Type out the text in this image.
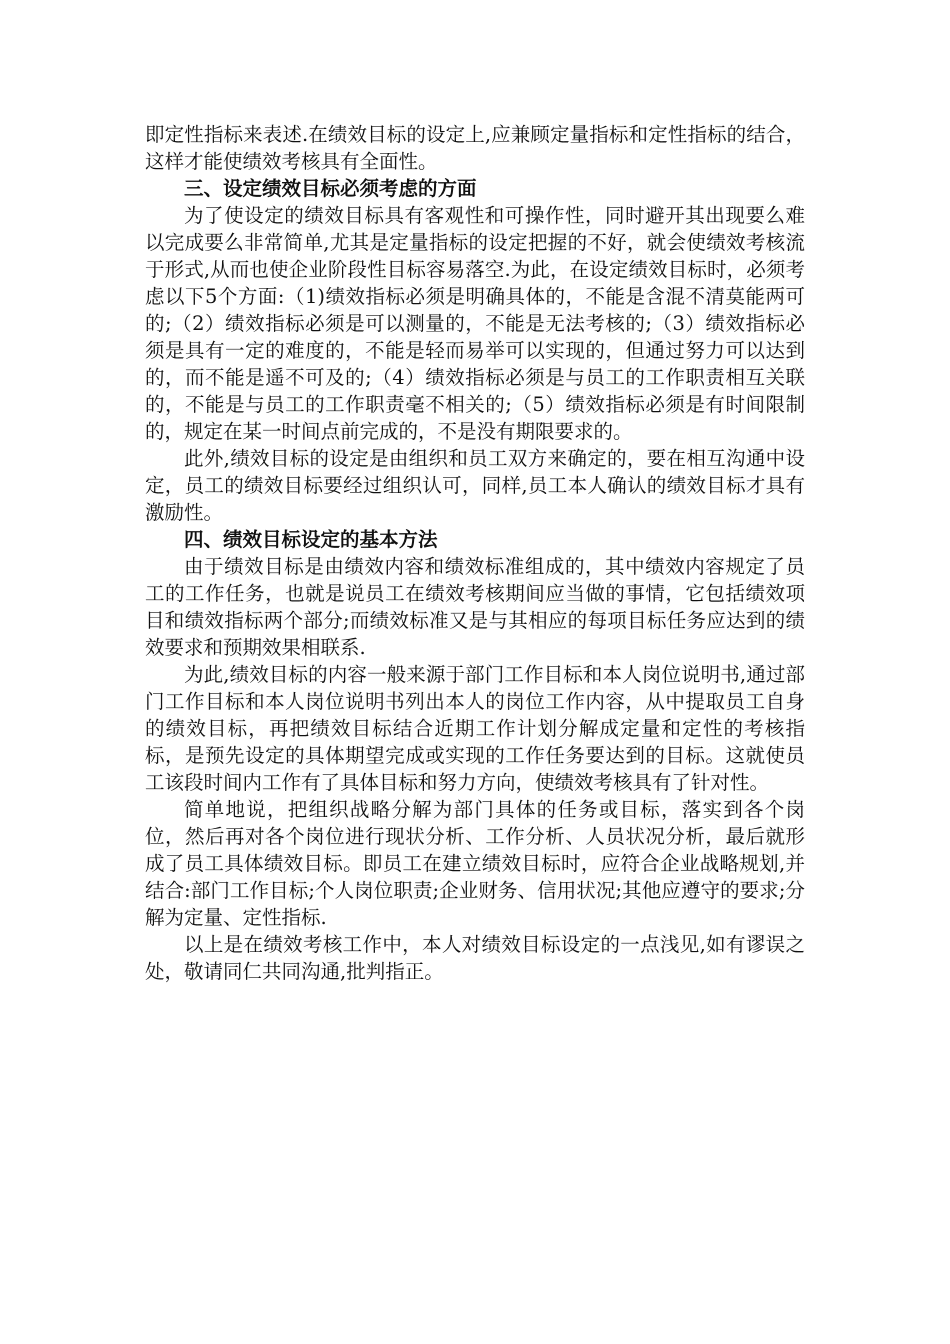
即定性指标来表述.在绩效目标的设定上,应兼顾定量指标和定性指标的结合，这样才能使绩效考核具有全面性。

三、设定绩效目标必须考虑的方面

为了使设定的绩效目标具有客观性和可操作性，同时避开其出现要么难以完成要么非常简单,尤其是定量指标的设定把握的不好，就会使绩效考核流于形式,从而也使企业阶段性目标容易落空.为此，在设定绩效目标时，必须考虑以下5个方面:（1)绩效指标必须是明确具体的，不能是含混不清莫能两可的;（2）绩效指标必须是可以测量的，不能是无法考核的;（3）绩效指标必须是具有一定的难度的，不能是轻而易举可以实现的，但通过努力可以达到的，而不能是遥不可及的;（4）绩效指标必须是与员工的工作职责相互关联的，不能是与员工的工作职责毫不相关的;（5）绩效指标必须是有时间限制的，规定在某一时间点前完成的，不是没有期限要求的。

此外,绩效目标的设定是由组织和员工双方来确定的，要在相互沟通中设定，员工的绩效目标要经过组织认可，同样,员工本人确认的绩效目标才具有激励性。

四、绩效目标设定的基本方法

由于绩效目标是由绩效内容和绩效标准组成的，其中绩效内容规定了员工的工作任务，也就是说员工在绩效考核期间应当做的事情，它包括绩效项目和绩效指标两个部分;而绩效标准又是与其相应的每项目标任务应达到的绩效要求和预期效果相联系.

为此,绩效目标的内容一般来源于部门工作目标和本人岗位说明书,通过部门工作目标和本人岗位说明书列出本人的岗位工作内容，从中提取员工自身的绩效目标，再把绩效目标结合近期工作计划分解成定量和定性的考核指标，是预先设定的具体期望完成或实现的工作任务要达到的目标。这就使员工该段时间内工作有了具体目标和努力方向，使绩效考核具有了针对性。

简单地说，把组织战略分解为部门具体的任务或目标，落实到各个岗位，然后再对各个岗位进行现状分析、工作分析、人员状况分析，最后就形成了员工具体绩效目标。即员工在建立绩效目标时，应符合企业战略规划,并结合:部门工作目标;个人岗位职责;企业财务、信用状况;其他应遵守的要求;分解为定量、定性指标.

以上是在绩效考核工作中，本人对绩效目标设定的一点浅见,如有谬误之处，敬请同仁共同沟通,批判指正。
